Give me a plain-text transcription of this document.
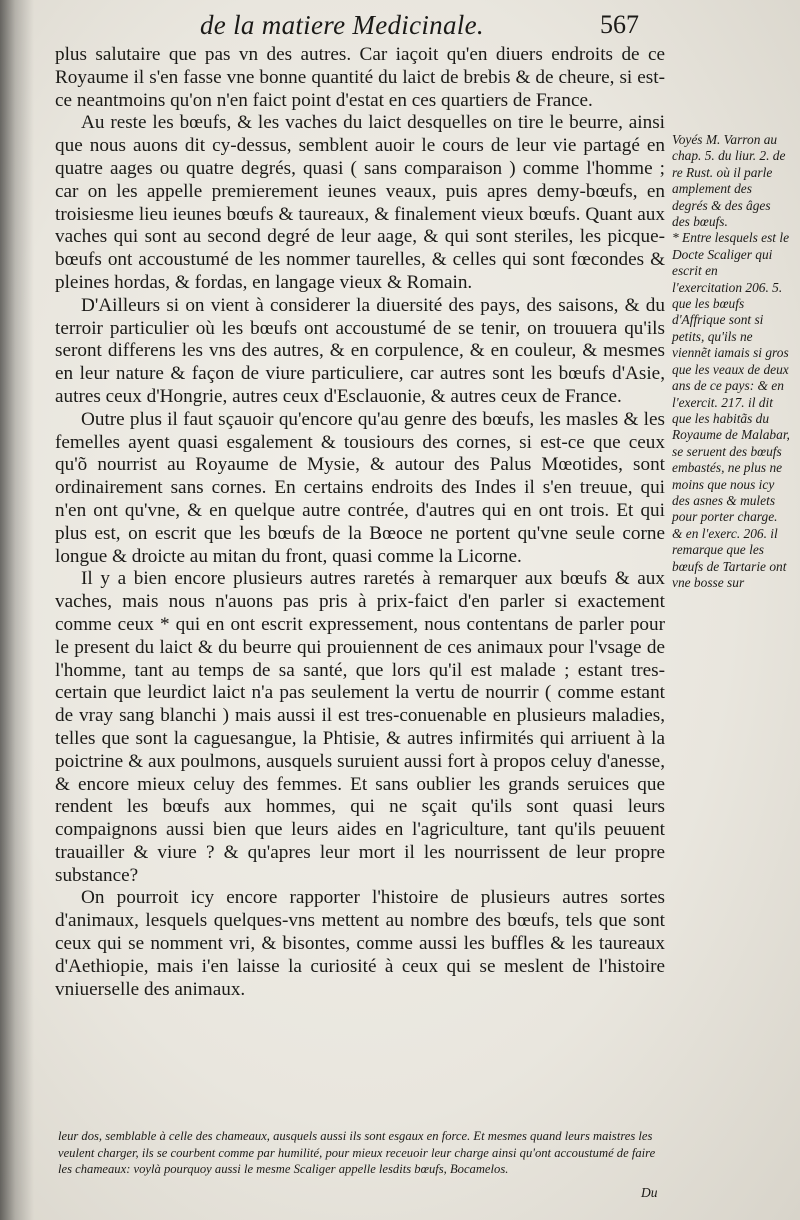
de la matiere Medicinale.	567

plus salutaire que pas vn des autres. Car iaçoit qu'en diuers endroits de ce Royaume il s'en fasse vne bonne quantité du laict de brebis & de cheure, si est-ce neantmoins qu'on n'en faict point d'estat en ces quartiers de France.

Au reste les bœufs, & les vaches du laict desquelles on tire le beurre, ainsi que nous auons dit cy-dessus, semblent auoir le cours de leur vie partagé en quatre aages ou quatre degrés, quasi ( sans comparaison ) comme l'homme ; car on les appelle premierement ieunes veaux, puis apres demy-bœufs, en troisiesme lieu ieunes bœufs & taureaux, & finalement vieux bœufs. Quant aux vaches qui sont au second degré de leur aage, & qui sont steriles, les picque-bœufs ont accoustumé de les nommer taurelles, & celles qui sont fœcondes & pleines hordas, & fordas, en langage vieux & Romain.

D'Ailleurs si on vient à considerer la diuersité des pays, des saisons, & du terroir particulier où les bœufs ont accoustumé de se tenir, on trouuera qu'ils seront differens les vns des autres, & en corpulence, & en couleur, & mesmes en leur nature & façon de viure particuliere, car autres sont les bœufs d'Asie, autres ceux d'Hongrie, autres ceux d'Esclauonie, & autres ceux de France.

Outre plus il faut sçauoir qu'encore qu'au genre des bœufs, les masles & les femelles ayent quasi esgalement & tousiours des cornes, si est-ce que ceux qu'õ nourrist au Royaume de Mysie, & autour des Palus Mœotides, sont ordinairement sans cornes. En certains endroits des Indes il s'en treuue, qui n'en ont qu'vne, & en quelque autre contrée, d'autres qui en ont trois. Et qui plus est, on escrit que les bœufs de la Bœoce ne portent qu'vne seule corne longue & droicte au mitan du front, quasi comme la Licorne.

Il y a bien encore plusieurs autres raretés à remarquer aux bœufs & aux vaches, mais nous n'auons pas pris à prix-faict d'en parler si exactement comme ceux * qui en ont escrit expressement, nous contentans de parler pour le present du laict & du beurre qui prouiennent de ces animaux pour l'vsage de l'homme, tant au temps de sa santé, que lors qu'il est malade ; estant tres-certain que leurdict laict n'a pas seulement la vertu de nourrir ( comme estant de vray sang blanchi ) mais aussi il est tres-conuenable en plusieurs maladies, telles que sont la caguesangue, la Phtisie, & autres infirmités qui arriuent à la poictrine & aux poulmons, ausquels suruient aussi fort à propos celuy d'anesse, & encore mieux celuy des femmes. Et sans oublier les grands seruices que rendent les bœufs aux hommes, qui ne sçait qu'ils sont quasi leurs compaignons aussi bien que leurs aides en l'agriculture, tant qu'ils peuuent trauailler & viure ? & qu'apres leur mort il les nourrissent de leur propre substance?

On pourroit icy encore rapporter l'histoire de plusieurs autres sortes d'animaux, lesquels quelques-vns mettent au nombre des bœufs, tels que sont ceux qui se nomment vri, & bisontes, comme aussi les buffles & les taureaux d'Aethiopie, mais i'en laisse la curiosité à ceux qui se meslent de l'histoire vniuerselle des animaux.

Voyés M. Varron au chap. 5. du liur. 2. de re Rust. où il parle amplement des degrés & des âges des bœufs.
* Entre lesquels est le Docte Scaliger qui escrit en l'exercitation 206. 5. que les bœufs d'Affrique sont si petits, qu'ils ne viennẽt iamais si gros que les veaux de deux ans de ce pays: & en l'exercit. 217. il dit que les habitãs du Royaume de Malabar, se seruent des bœufs embastés, ne plus ne moins que nous icy des asnes & mulets pour porter charge. & en l'exerc. 206. il remarque que les bœufs de Tartarie ont vne bosse sur
leur dos, semblable à celle des chameaux, ausquels aussi ils sont esgaux en force. Et mesmes quand leurs maistres les veulent charger, ils se courbent comme par humilité, pour mieux receuoir leur charge ainsi qu'ont accoustumé de faire les chameaux: voylà pourquoy aussi le mesme Scaliger appelle lesdits bœufs, Bocamelos.
Du
